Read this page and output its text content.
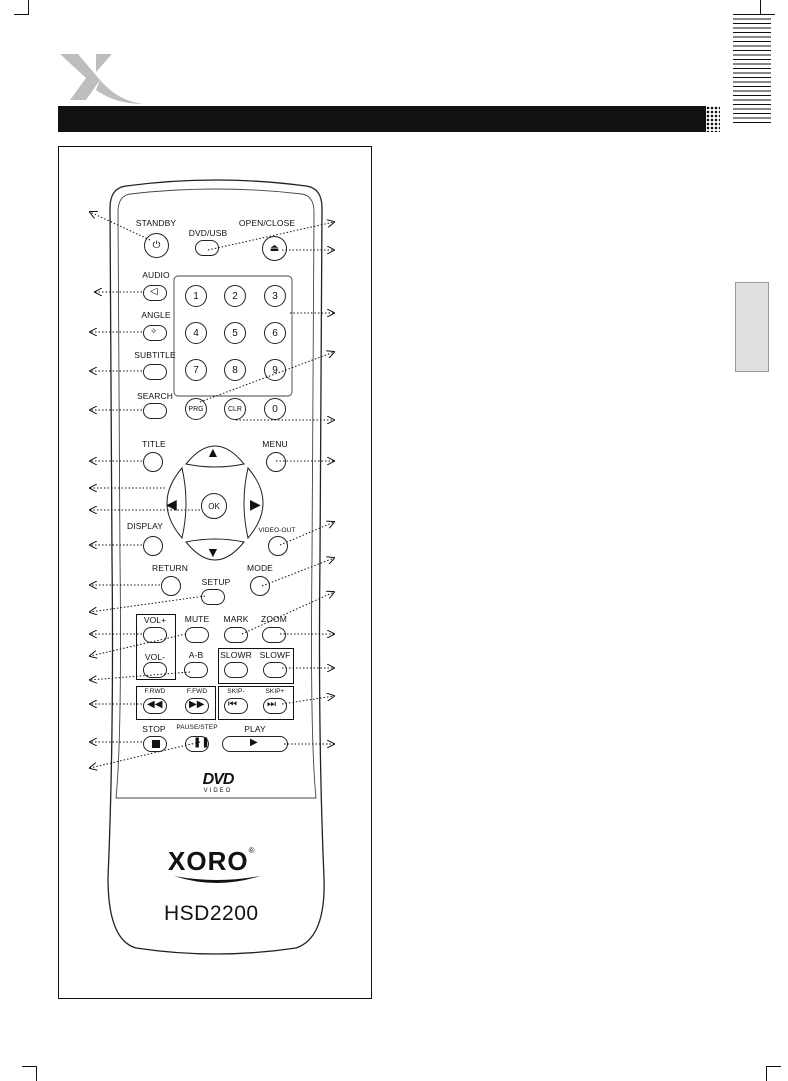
STANDBY
⏻
DVD/USB
OPEN/CLOSE
⏏
AUDIO
◁
ANGLE
✧
SUBTITLE
SEARCH
1	2	3
4	5	6
7	8	9
PRG	CLR	0
TITLE	MENU
▲
▼
◀	▶
OK
DISPLAY	VIDEO-OUT
RETURN
SETUP
MODE
VOL+
VOL-
MUTE
A-B
MARK ZOOM
SLOWR SLOWF
F.RWD
◀◀
F.FWD
▶▶
SKIP-
⏮
SKIP+
⏭
STOP PAUSE/STEP
❚❚
PLAY
▶
DVD
VIDEO
XORO®
HSD2200
